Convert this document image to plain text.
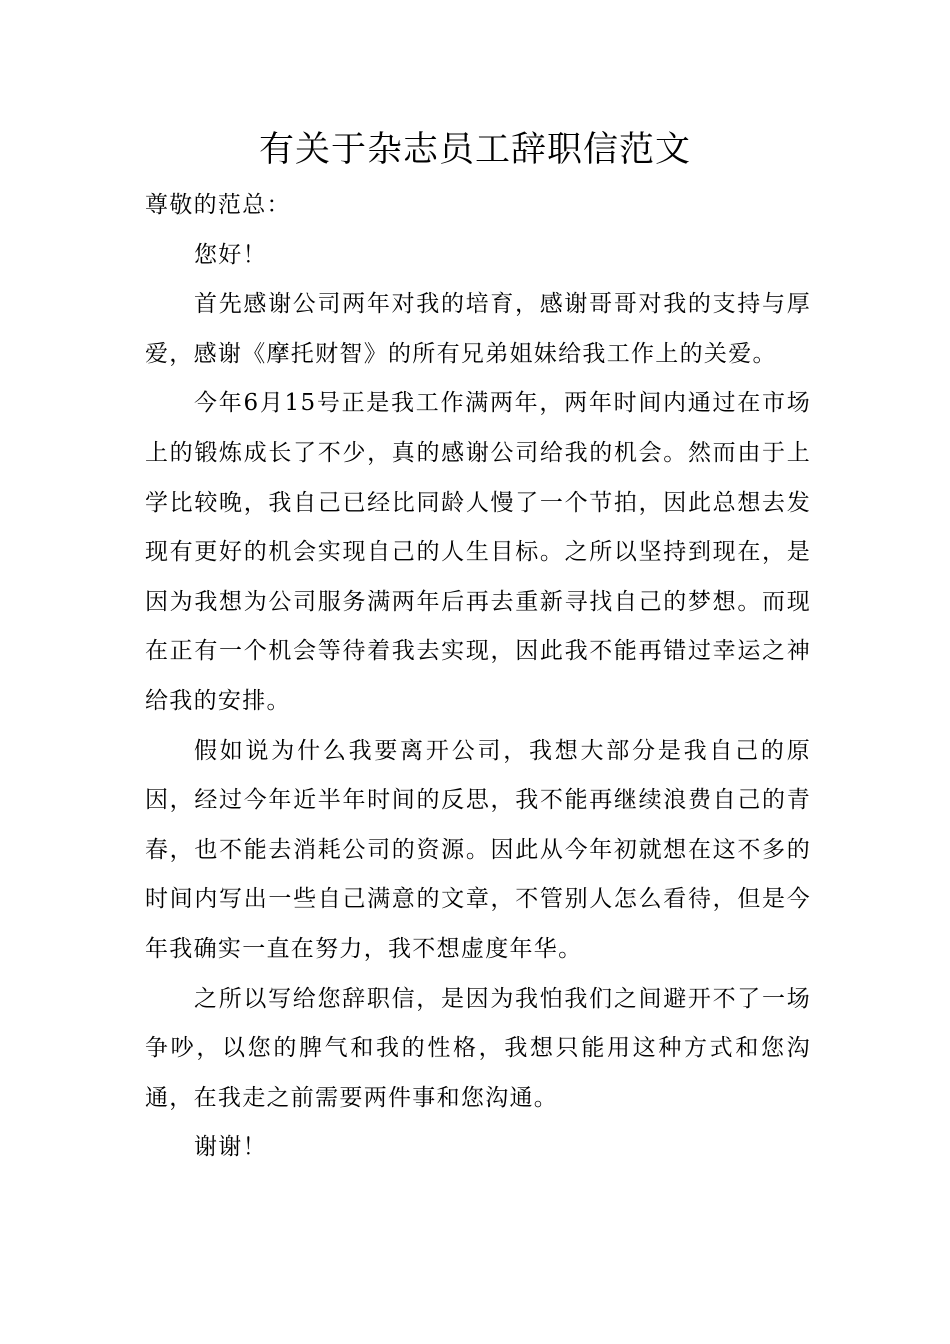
有关于杂志员工辞职信范文

尊敬的范总：

您好！

首先感谢公司两年对我的培育，感谢哥哥对我的支持与厚爱，感谢《摩托财智》的所有兄弟姐妹给我工作上的关爱。

今年6月15号正是我工作满两年，两年时间内通过在市场上的锻炼成长了不少，真的感谢公司给我的机会。然而由于上学比较晚，我自己已经比同龄人慢了一个节拍，因此总想去发现有更好的机会实现自己的人生目标。之所以坚持到现在，是因为我想为公司服务满两年后再去重新寻找自己的梦想。而现在正有一个机会等待着我去实现，因此我不能再错过幸运之神给我的安排。

假如说为什么我要离开公司，我想大部分是我自己的原因，经过今年近半年时间的反思，我不能再继续浪费自己的青春，也不能去消耗公司的资源。因此从今年初就想在这不多的时间内写出一些自己满意的文章，不管别人怎么看待，但是今年我确实一直在努力，我不想虚度年华。

之所以写给您辞职信，是因为我怕我们之间避开不了一场争吵，以您的脾气和我的性格，我想只能用这种方式和您沟通，在我走之前需要两件事和您沟通。

谢谢！
